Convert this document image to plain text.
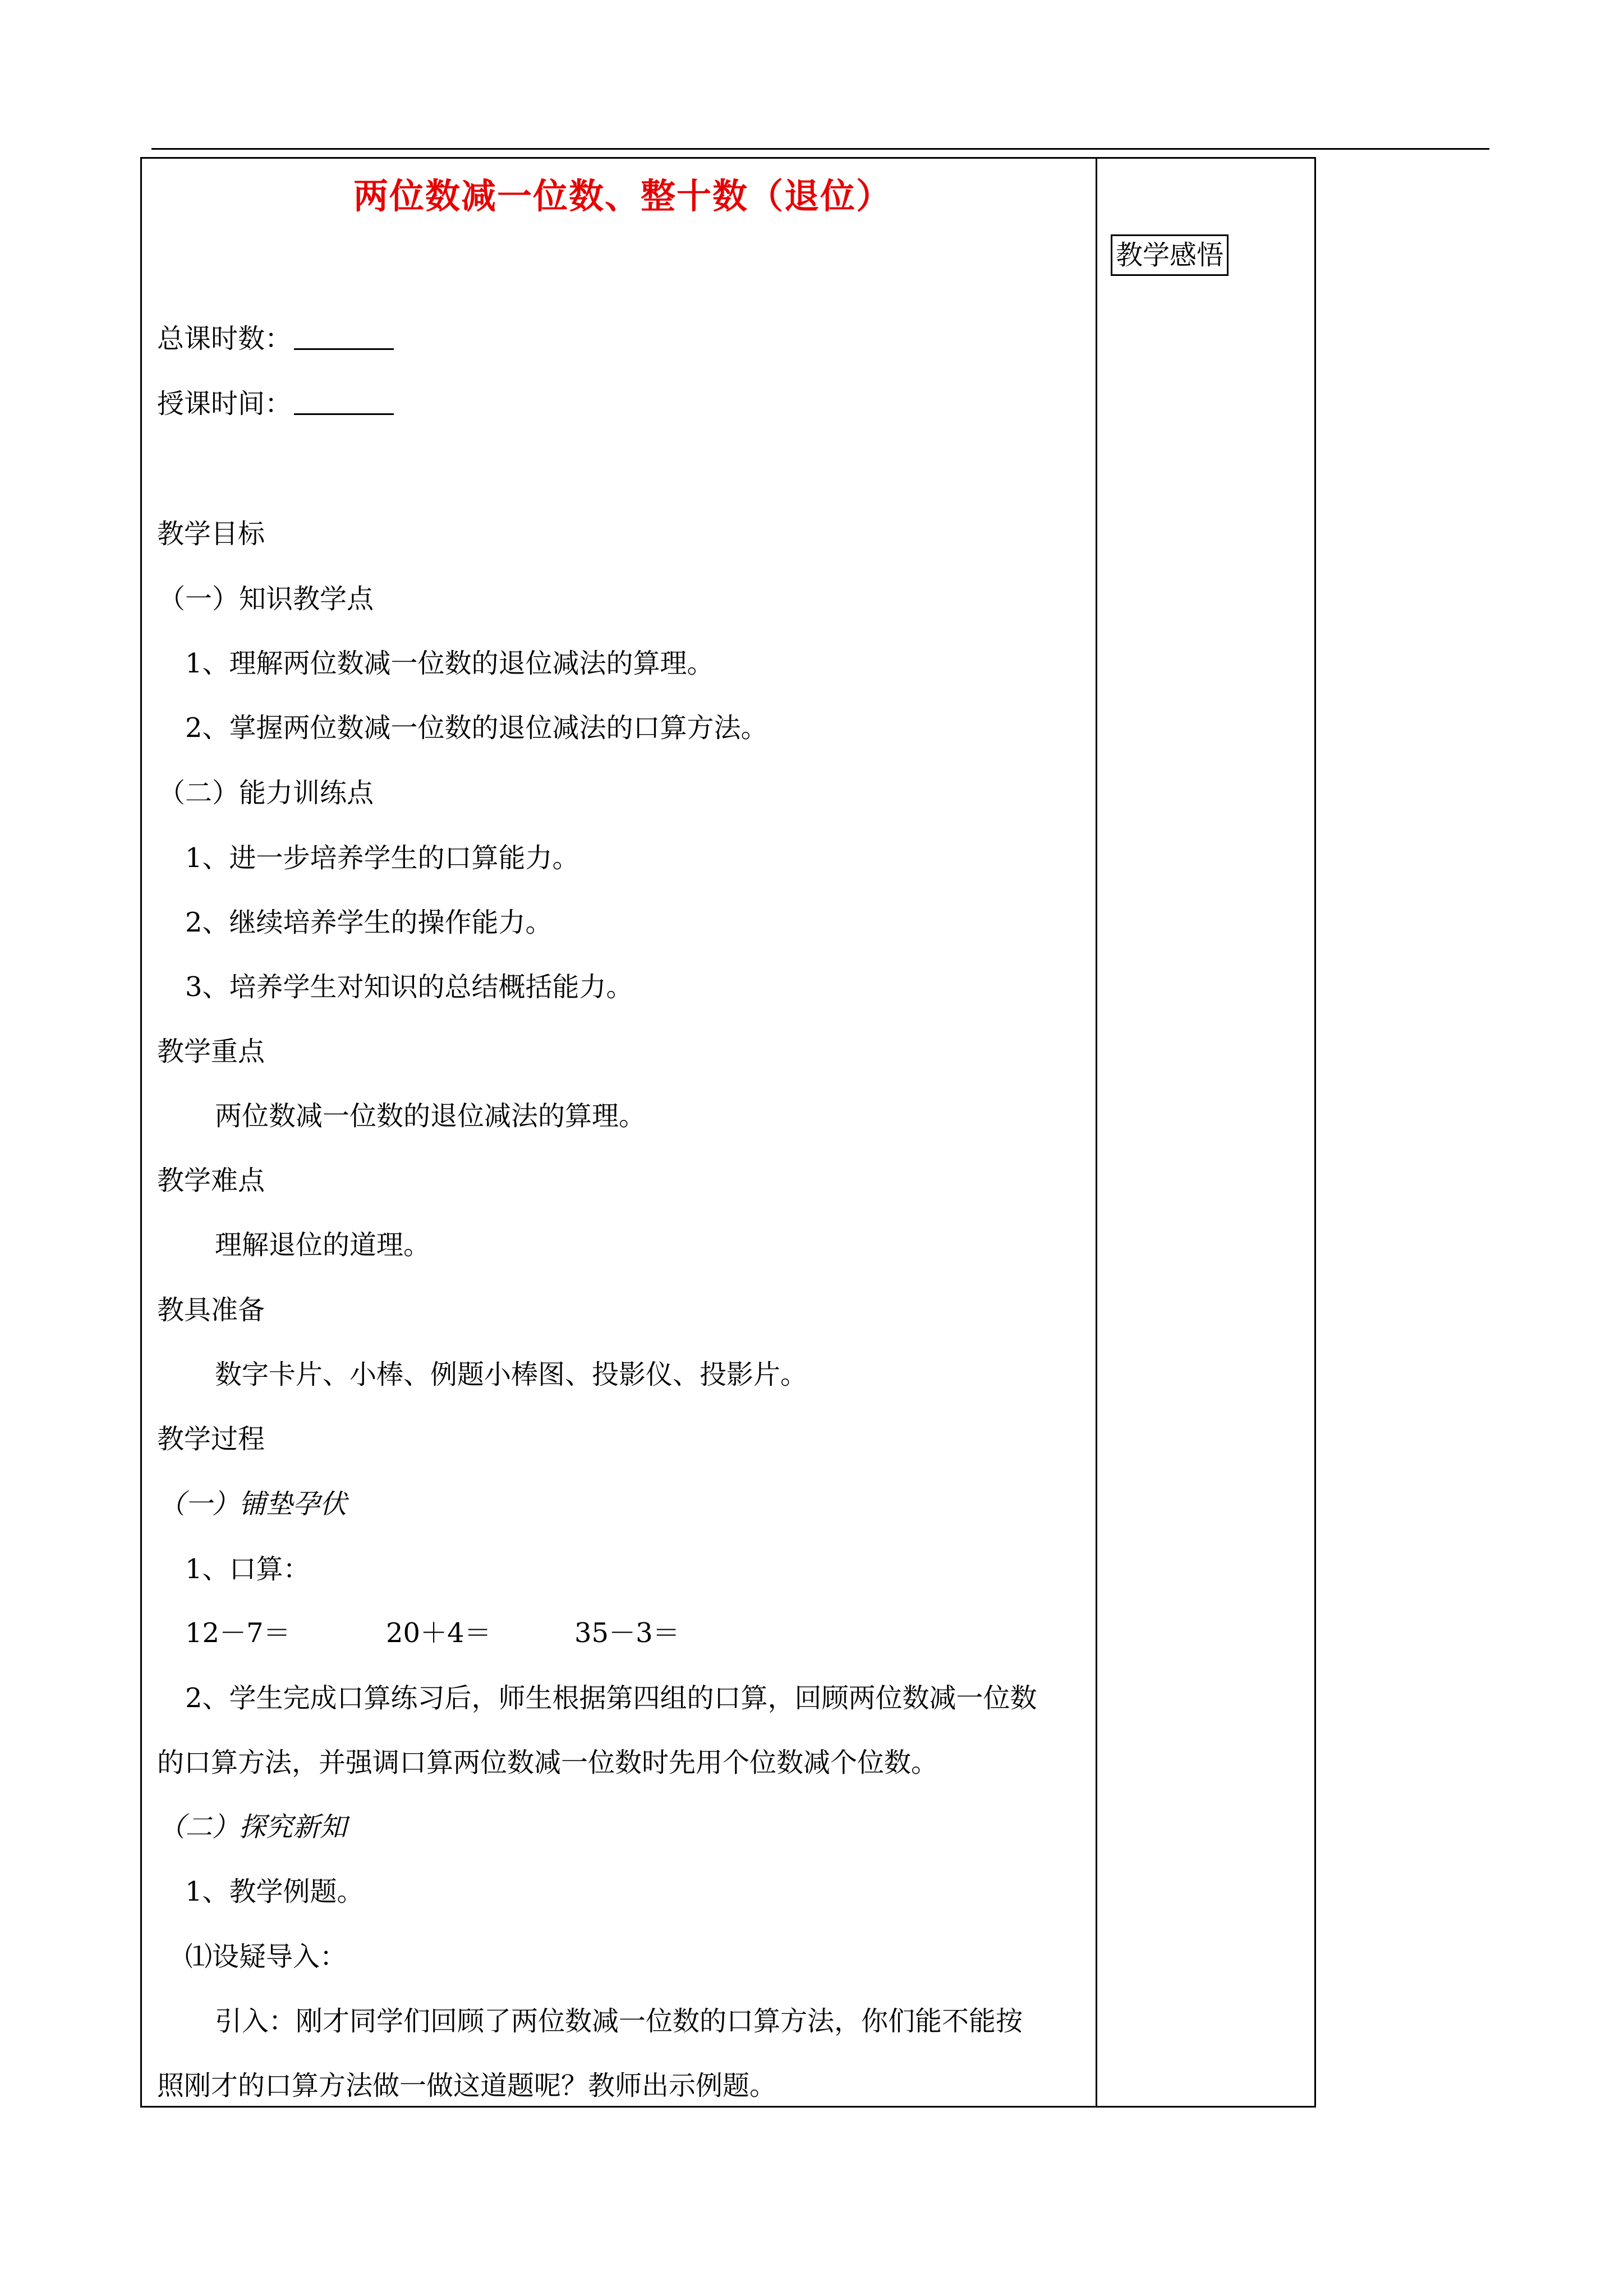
两位数减一位数、整十数（退位）
教学感悟
总课时数：
授课时间：
教学目标
（一）知识教学点
1、理解两位数减一位数的退位减法的算理。
2、掌握两位数减一位数的退位减法的口算方法。
（二）能力训练点
1、进一步培养学生的口算能力。
2、继续培养学生的操作能力。
3、培养学生对知识的总结概括能力。
教学重点
两位数减一位数的退位减法的算理。
教学难点
理解退位的道理。
教具准备
数字卡片、小棒、例题小棒图、投影仪、投影片。
教学过程
（一）铺垫孕伏
1、口算：
12－7＝	20＋4＝	35－3＝
2、学生完成口算练习后，师生根据第四组的口算，回顾两位数减一位数
的口算方法，并强调口算两位数减一位数时先用个位数减个位数。
（二）探究新知
1、教学例题。
⑴设疑导入：
引入：刚才同学们回顾了两位数减一位数的口算方法，你们能不能按
照刚才的口算方法做一做这道题呢？教师出示例题。
